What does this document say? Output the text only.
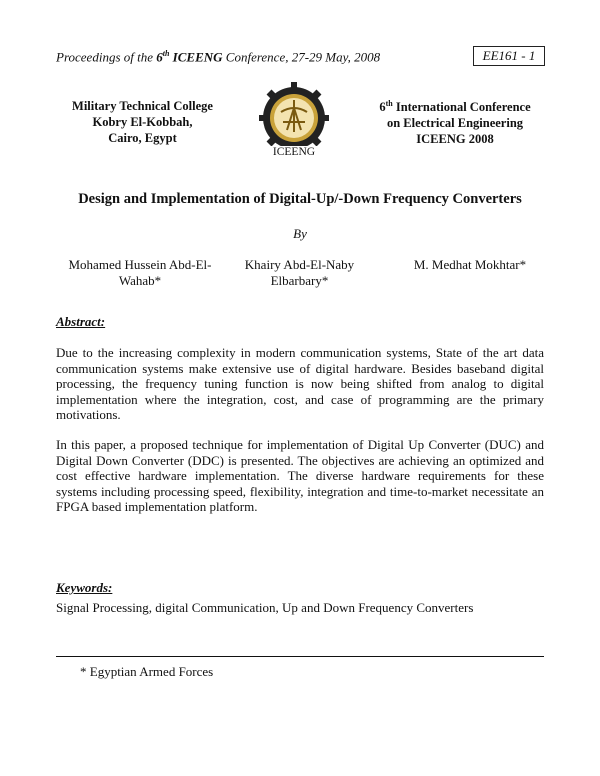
Proceedings of the 6th ICEENG Conference, 27-29 May, 2008	EE161 - 1
Military Technical College
Kobry El-Kobbah,
Cairo, Egypt
ICEENG
6th International Conference
on Electrical Engineering
ICEENG 2008
Design and Implementation of Digital-Up/-Down Frequency Converters
By
Mohamed Hussein Abd-El-
Wahab*
Khairy Abd-El-Naby
Elbarbary*
M. Medhat Mokhtar*
Abstract:
Due to the increasing complexity in modern communication systems, State of the art data communication systems make extensive use of digital hardware. Besides baseband digital processing, the frequency tuning function is now being shifted from analog to digital implementation where the integration, cost, and case of programming are the primary motivations.
In this paper, a proposed technique for implementation of Digital Up Converter (DUC) and Digital Down Converter (DDC) is presented. The objectives are achieving an optimized and cost effective hardware implementation. The diverse hardware requirements for these systems including processing speed, flexibility, integration and time-to-market necessitate an FPGA based implementation platform.
Keywords:
Signal Processing, digital Communication, Up and Down Frequency Converters
* Egyptian Armed Forces
